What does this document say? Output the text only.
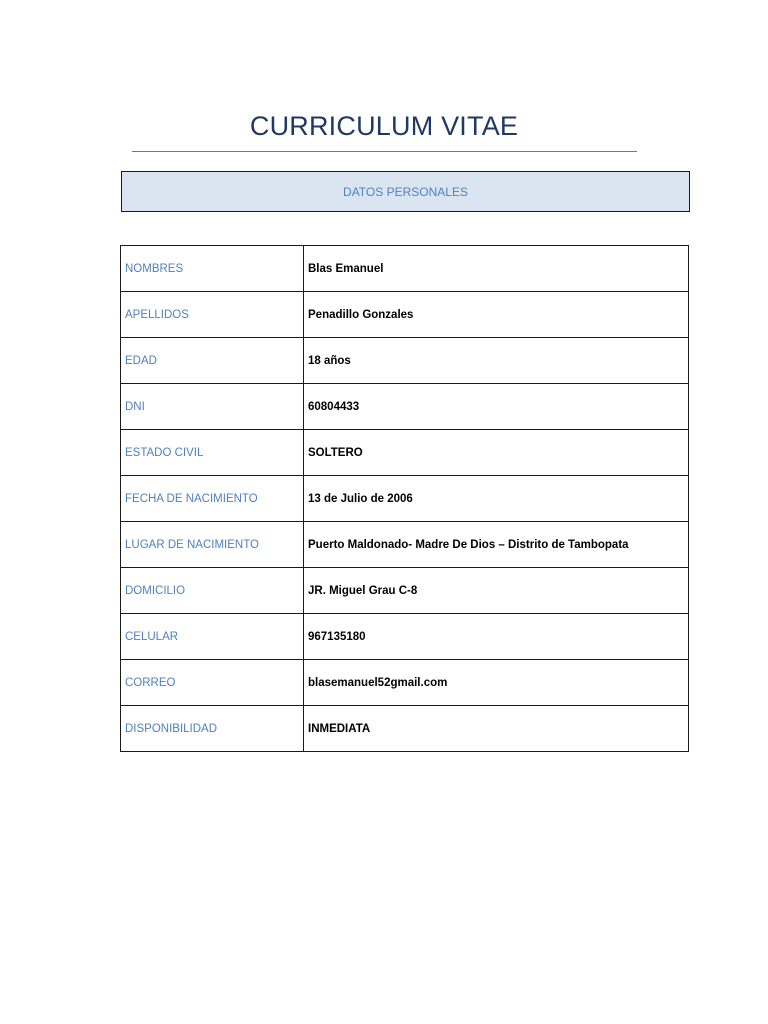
CURRICULUM VITAE
DATOS PERSONALES
NOMBRES	Blas Emanuel
APELLIDOS	Penadillo Gonzales
EDAD	18 años
DNI	60804433
ESTADO CIVIL	SOLTERO
FECHA DE NACIMIENTO	13 de Julio de 2006
LUGAR DE NACIMIENTO	Puerto Maldonado- Madre De Dios – Distrito de Tambopata
DOMICILIO	JR. Miguel Grau C-8
CELULAR	967135180
CORREO	blasemanuel52gmail.com
DISPONIBILIDAD	INMEDIATA
